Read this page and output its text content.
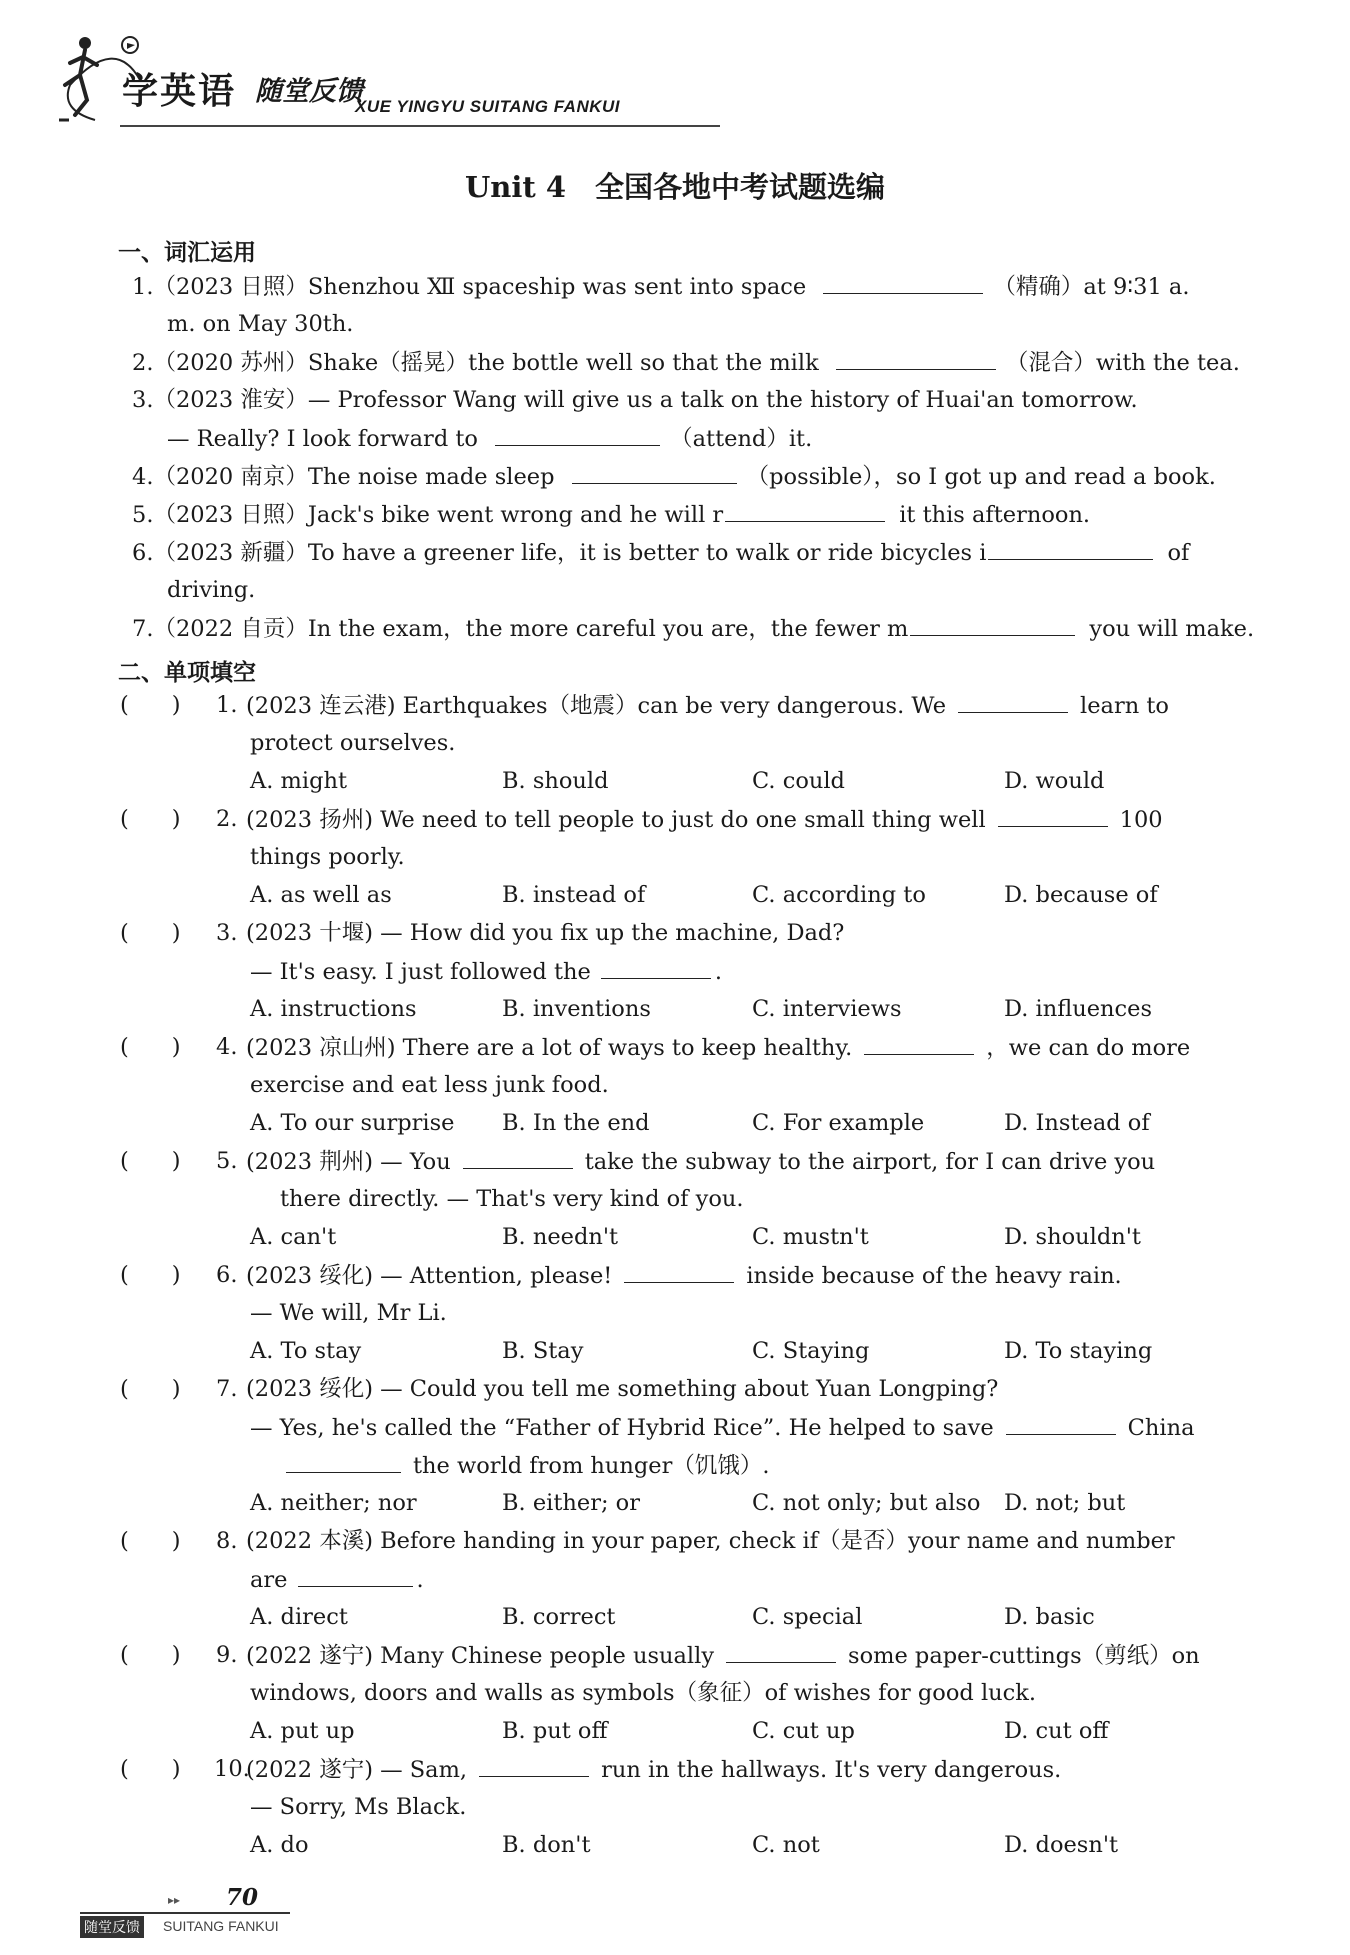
学英语 随堂反馈
XUE YINGYU SUITANG FANKUI
Unit 4　全国各地中考试题选编
一、词汇运用
1.（2023 日照）Shenzhou Ⅻ spaceship was sent into space	（精确）at 9∶31 a.
m. on May 30th.
2.（2020 苏州）Shake（摇晃）the bottle well so that the milk	（混合）with the tea.
3.（2023 淮安）— Professor Wang will give us a talk on the history of Huai'an tomorrow.
— Really? I look forward to	（attend）it.
4.（2020 南京）The noise made sleep	（possible），so I got up and read a book.
5.（2023 日照）Jack's bike went wrong and he will r	it this afternoon.
6.（2023 新疆）To have a greener life，it is better to walk or ride bicycles i	of
driving.
7.（2022 自贡）In the exam，the more careful you are，the fewer m	you will make.
二、单项填空
(      ) 1. (2023 连云港) Earthquakes（地震）can be very dangerous. We	learn to
protect ourselves.
A. might	B. should	C. could	D. would
(      ) 2. (2023 扬州) We need to tell people to just do one small thing well	100
things poorly.
A. as well as	B. instead of	C. according to	D. because of
(      ) 3. (2023 十堰) — How did you fix up the machine, Dad?
— It's easy. I just followed the	.
A. instructions	B. inventions	C. interviews	D. influences
(      ) 4. (2023 凉山州) There are a lot of ways to keep healthy.	，we can do more
exercise and eat less junk food.
A. To our surprise B. In the end	C. For example	D. Instead of
(      ) 5. (2023 荆州) — You	take the subway to the airport, for I can drive you
there directly. — That's very kind of you.
A. can't	B. needn't	C. mustn't	D. shouldn't
(      ) 6. (2023 绥化) — Attention, please!	inside because of the heavy rain.
— We will, Mr Li.
A. To stay	B. Stay	C. Staying	D. To staying
(      ) 7. (2023 绥化) — Could you tell me something about Yuan Longping?
— Yes, he's called the “Father of Hybrid Rice”. He helped to save	China
the world from hunger（饥饿）.
A. neither; nor	B. either; or	C. not only; but also D. not; but
(      ) 8. (2022 本溪) Before handing in your paper, check if（是否）your name and number
are	.
A. direct	B. correct	C. special	D. basic
(      ) 9. (2022 遂宁) Many Chinese people usually	some paper-cuttings（剪纸）on
windows, doors and walls as symbols（象征）of wishes for good luck.
A. put up	B. put off	C. cut up	D. cut off
(      ) 10.
(2022 遂宁) — Sam,	run in the hallways. It's very dangerous.
— Sorry, Ms Black.
A. do	B. don't	C. not	D. doesn't
▸▸ 70
随堂反馈 SUITANG FANKUI
